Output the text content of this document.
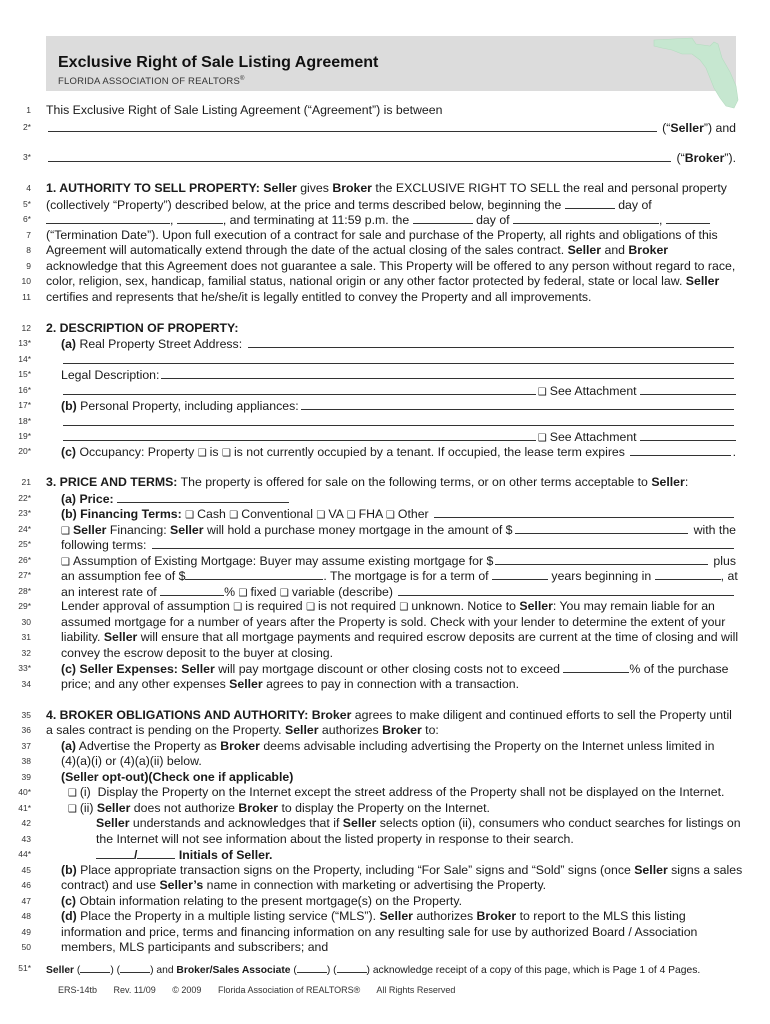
Exclusive Right of Sale Listing Agreement
FLORIDA ASSOCIATION OF REALTORS®
1 This Exclusive Right of Sale Listing Agreement (“Agreement”) is between
2*	(“ Seller ”) and
3*	(“ Broker ”).
4 1. AUTHORITY TO SELL PROPERTY: Seller gives Broker the EXCLUSIVE RIGHT TO SELL the real and personal property
5* (collectively “Property”) described below, at the price and terms described below, beginning the	day of
6*	,	, and terminating at 11:59 p.m. the	day of	,
7 (“Termination Date”). Upon full execution of a contract for sale and purchase of the Property, all rights and obligations of this
8 Agreement will automatically extend through the date of the actual closing of the sales contract. Seller and Broker
9 acknowledge that this Agreement does not guarantee a sale. This Property will be offered to any person without regard to race,
10 color, religion, sex, handicap, familial status, national origin or any other factor protected by federal, state or local law. Seller
11 certifies and represents that he/she/it is legally entitled to convey the Property and all improvements.
12 2. DESCRIPTION OF PROPERTY:
13* (a) Real Property Street Address:
14*
15* Legal Description:
16*	❑ See Attachment
17* (b) Personal Property, including appliances:
18*
19*	❑ See Attachment
20* (c) Occupancy: Property ❑ is ❑ is not currently occupied by a tenant. If occupied, the lease term expires	.
21 3. PRICE AND TERMS: The property is offered for sale on the following terms, or on other terms acceptable to Seller :
22* (a) Price:

23* (b) Financing Terms:
❑ Cash ❑ Conventional ❑ VA ❑ FHA ❑ Other
24*	❑ Seller Financing: Seller will hold a purchase money mortgage in the amount of $	with the
25* following terms:
26*	❑ Assumption of Existing Mortgage: Buyer may assume existing mortgage for $	plus
27* an assumption fee of $	. The mortgage is for a term of	years beginning in	, at
28* an interest rate of	% ❑ fixed ❑ variable (describe)
29* Lender approval of assumption ❑ is required ❑ is not required ❑ unknown. Notice to Seller : You may remain liable for an
30 assumed mortgage for a number of years after the Property is sold. Check with your lender to determine the extent of your
31 liability. Seller will ensure that all mortgage payments and required escrow deposits are current at the time of closing and will
32 convey the escrow deposit to the buyer at closing.
33* (c) Seller Expenses: Seller will pay mortgage discount or other closing costs not to exceed	% of the purchase
34 price; and any other expenses Seller agrees to pay in connection with a transaction.
35 4. BROKER OBLIGATIONS AND AUTHORITY: Broker agrees to make diligent and continued efforts to sell the Property until
36 a sales contract is pending on the Property. Seller authorizes Broker to:
37 (a) Advertise the Property as Broker deems advisable including advertising the Property on the Internet unless limited in
38 (4)(a)(i) or (4)(a)(ii) below.
39 (Seller opt-out)(Check one if applicable)
40*
	❑ (i)  Display the Property on the Internet except the street address of the Property shall not be displayed on the Internet.
41*
	❑ (ii) Seller does not authorize Broker to display the Property on the Internet.
42	Seller understands and acknowledges that if Seller selects option (ii), consumers who conduct searches for listings on
43	the Internet will not see information about the listed property in response to their search.
44*	/
	Initials of Seller.
45 (b) Place appropriate transaction signs on the Property, including “For Sale” signs and “Sold” signs (once Seller signs a sales
46 contract) and use Seller’s name in connection with marketing or advertising the Property.
47 (c) Obtain information relating to the present mortgage(s) on the Property.
48 (d) Place the Property in a multiple listing service (“MLS”). Seller authorizes Broker to report to the MLS this listing
49 information and price, terms and financing information on any resulting sale for use by authorized Board / Association
50 members, MLS participants and subscribers; and
51* Seller (	) (	) and Broker/Sales Associate (	) (	) acknowledge receipt of a copy of this page, which is Page 1 of 4 Pages.
ERS-14tb Rev. 11/09 © 2009 Florida Association of REALTORS® All Rights Reserved
